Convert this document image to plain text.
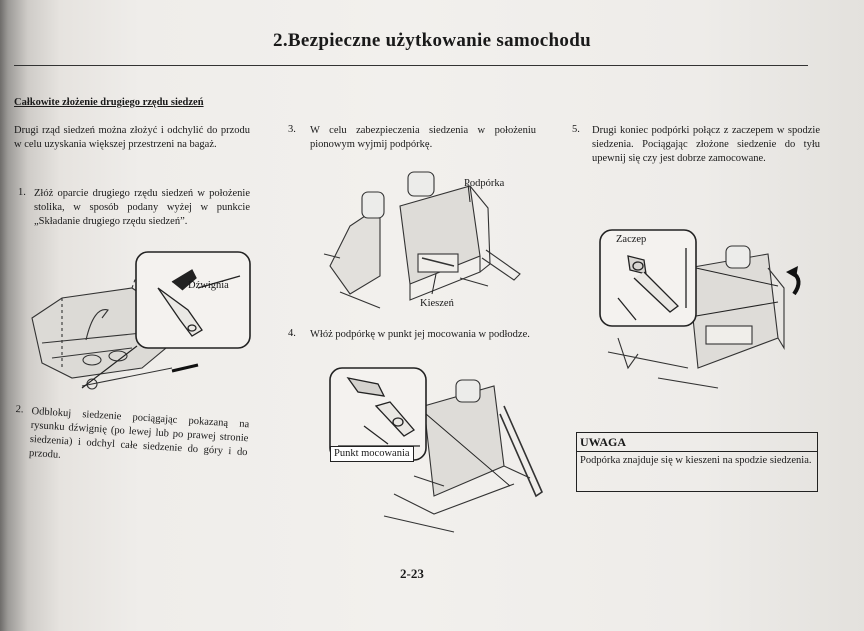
2.Bezpieczne użytkowanie samochodu
Całkowite złożenie drugiego rzędu siedzeń
Drugi rząd siedzeń można złożyć i odchylić do przodu w celu uzyskania większej przestrzeni na bagaż.
1. Złóż oparcie drugiego rzędu siedzeń w położenie stolika, w sposób podany wyżej w punkcie „Składanie drugiego rzędu siedzeń”.
Dźwignia
2. Odblokuj siedzenie pociągając pokazaną na rysunku dźwignię (po lewej lub po prawej stronie siedzenia) i odchyl całe siedzenie do góry i do przodu.
3. W celu zabezpieczenia siedzenia w położeniu pionowym wyjmij podpórkę.
Podpórka
Kieszeń
4. Włóż podpórkę w punkt jej mocowania w podłodze.
Punkt mocowania
5. Drugi koniec podpórki połącz z zaczepem w spodzie siedzenia. Pociągając złożone siedzenie do tyłu upewnij się czy jest dobrze zamocowane.
Zaczep
UWAGA
Podpórka znajduje się w kieszeni na spodzie siedzenia.
2-23
